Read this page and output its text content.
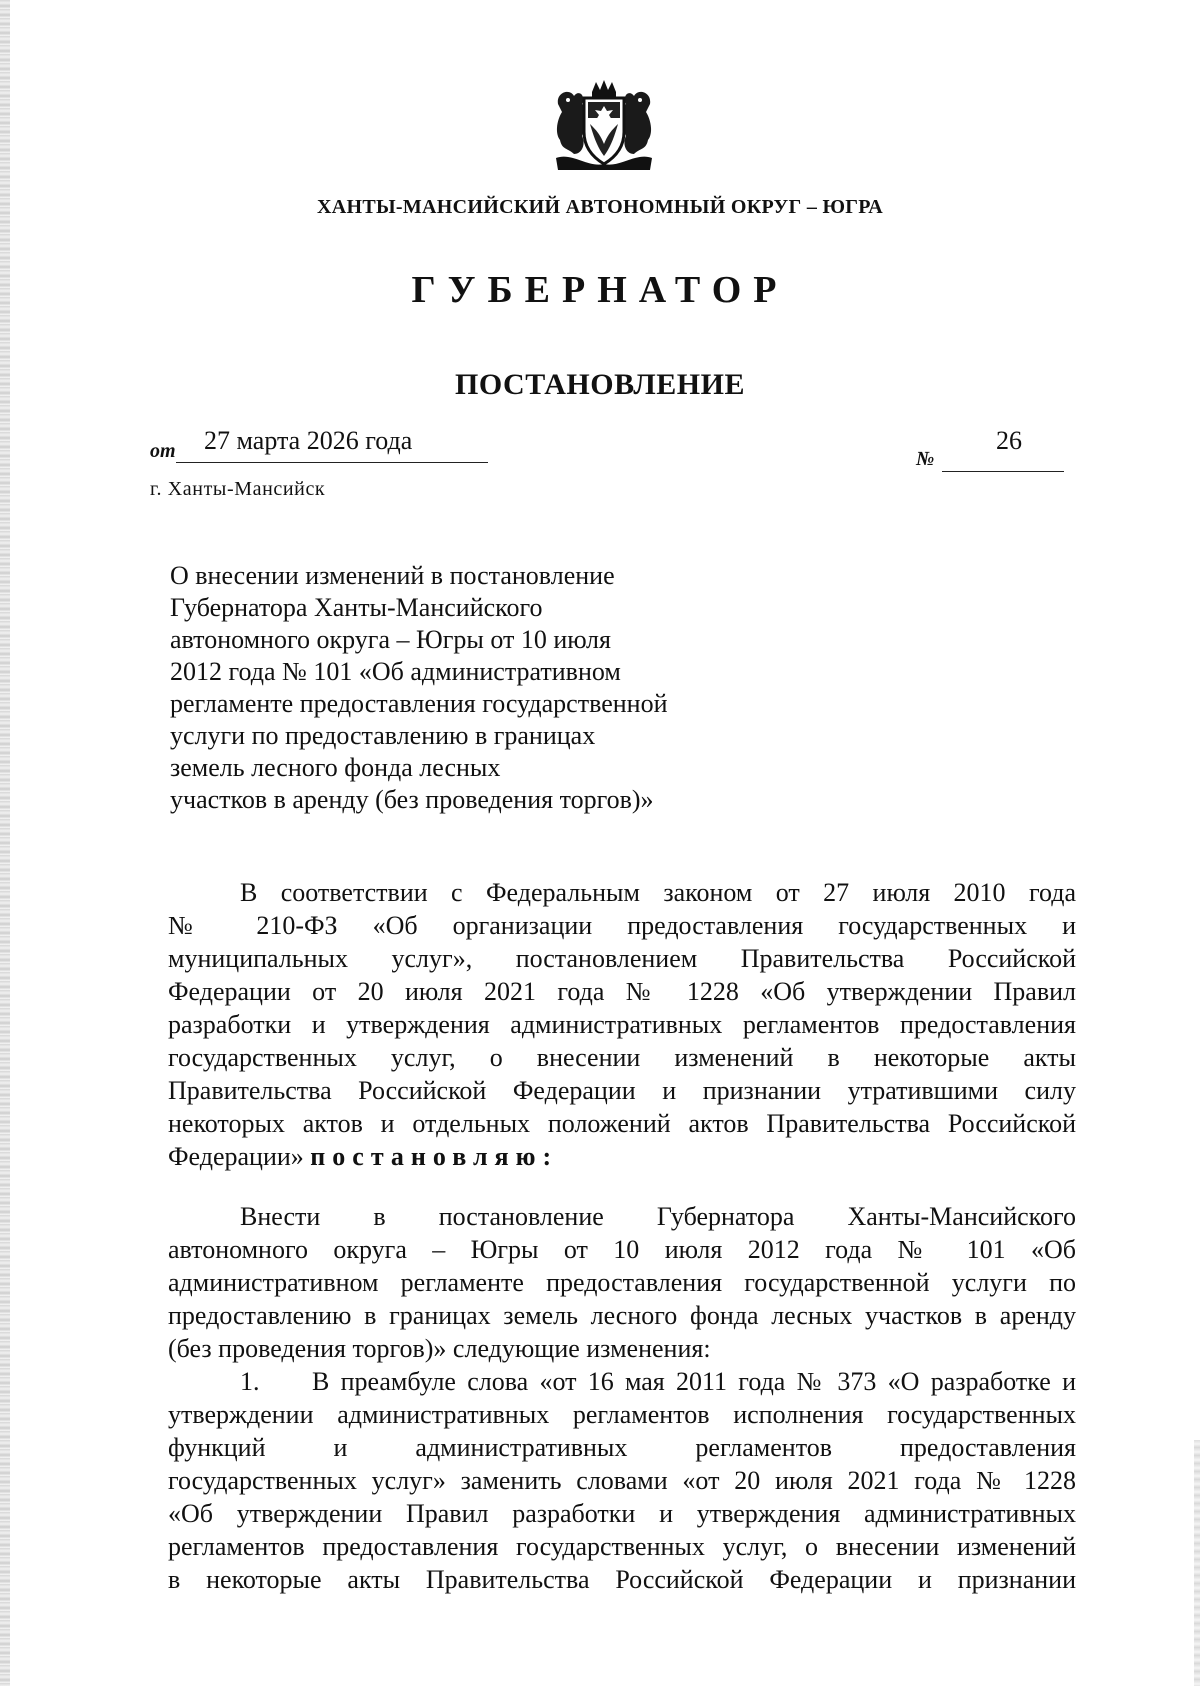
ХАНТЫ-МАНСИЙСКИЙ АВТОНОМНЫЙ ОКРУГ – ЮГРА
ГУБЕРНАТОР
ПОСТАНОВЛЕНИЕ
от 27 марта 2026 года
№
26
г. Ханты-Мансийск
О внесении изменений в постановление
Губернатора Ханты-Мансийского
автономного округа – Югры от 10 июля
2012 года № 101 «Об административном
регламенте предоставления государственной
услуги по предоставлению в границах
земель лесного фонда лесных
участков в аренду (без проведения торгов)»
В соответствии с Федеральным законом от 27 июля 2010 года
№ 210-ФЗ «Об организации предоставления государственных и
муниципальных услуг», постановлением Правительства Российской
Федерации от 20 июля 2021 года № 1228 «Об утверждении Правил
разработки и утверждения административных регламентов предоставления
государственных услуг, о внесении изменений в некоторые акты
Правительства Российской Федерации и признании утратившими силу
некоторых актов и отдельных положений актов Правительства Российской
Федерации» постановляю:
Внести в постановление Губернатора Ханты-Мансийского
автономного округа – Югры от 10 июля 2012 года № 101 «Об
административном регламенте предоставления государственной услуги по
предоставлению в границах земель лесного фонда лесных участков в аренду
(без проведения торгов)» следующие изменения:
1. В преамбуле слова «от 16 мая 2011 года № 373 «О разработке и
утверждении административных регламентов исполнения государственных
функций и административных регламентов предоставления
государственных услуг» заменить словами «от 20 июля 2021 года № 1228
«Об утверждении Правил разработки и утверждения административных
регламентов предоставления государственных услуг, о внесении изменений
в некоторые акты Правительства Российской Федерации и признании
